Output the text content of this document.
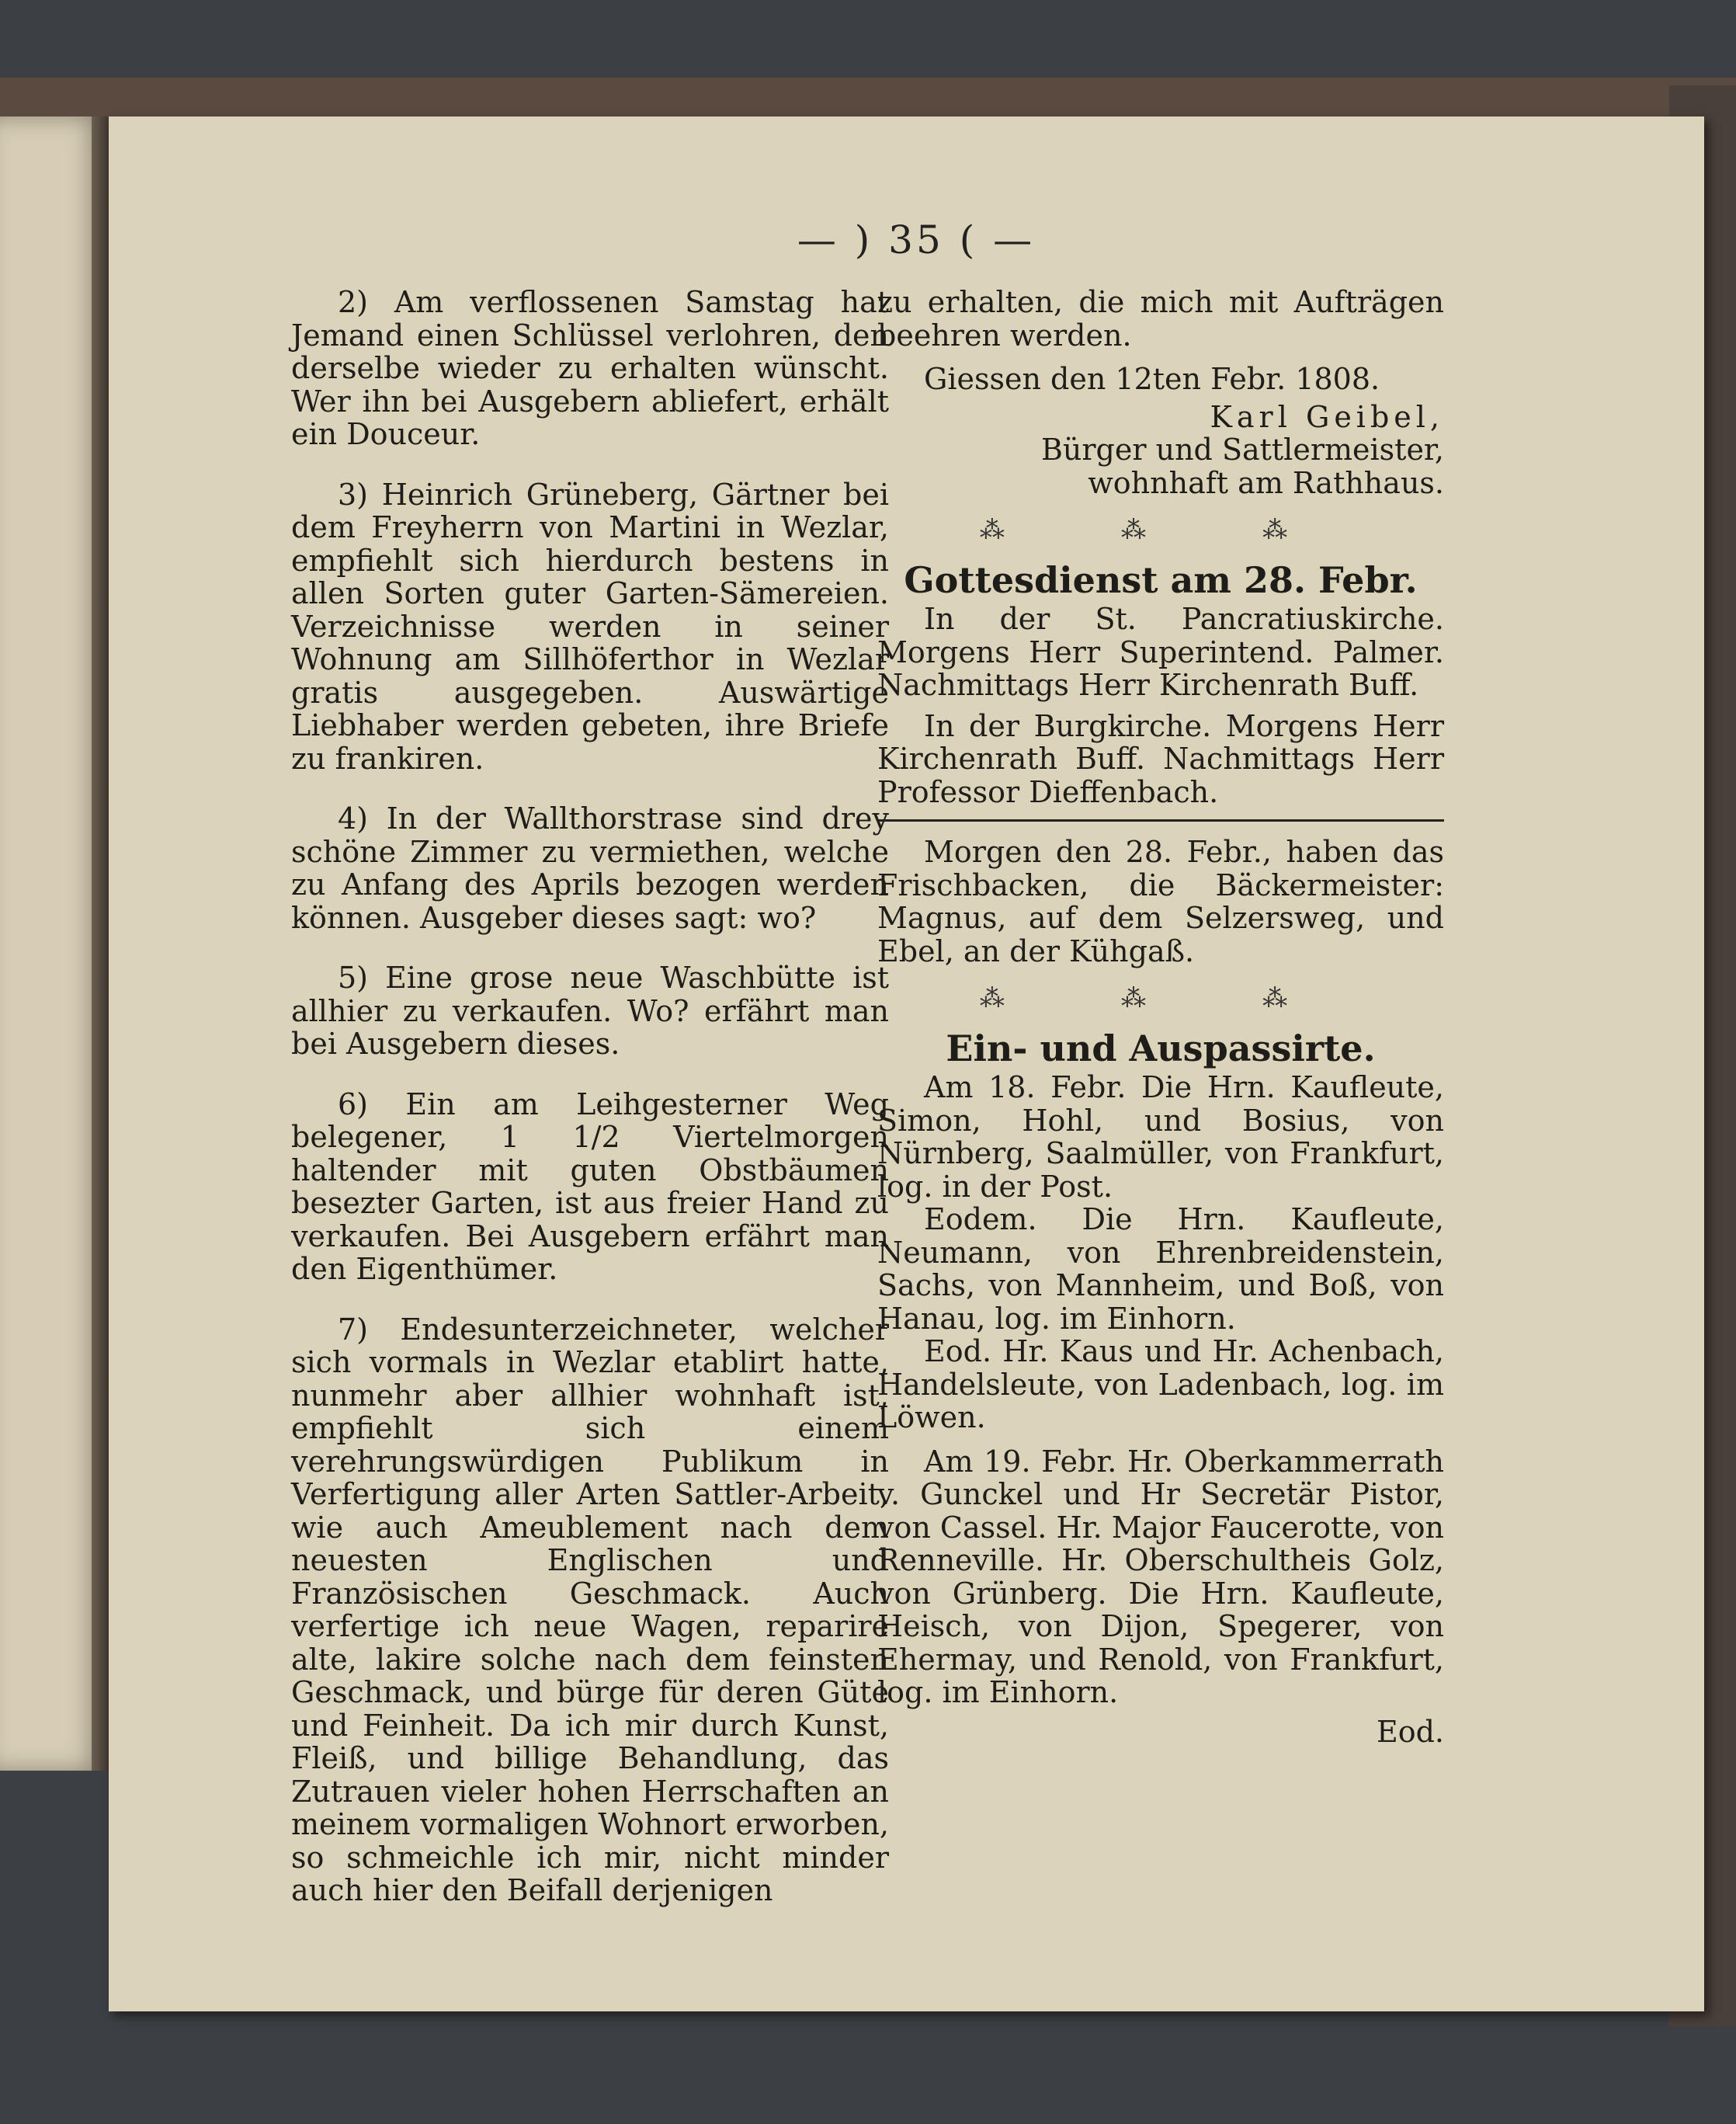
— ) 35 ( —

2) Am verflossenen Samstag hat Jemand einen Schlüssel verlohren, den derselbe wieder zu erhalten wünscht. Wer ihn bei Ausgebern abliefert, erhält ein Douceur.

3) Heinrich Grüneberg, Gärtner bei dem Freyherrn von Martini in Wezlar, empfiehlt sich hierdurch bestens in allen Sorten guter Garten-Sämereien. Verzeichnisse werden in seiner Wohnung am Sillhöferthor in Wezlar gratis ausgegeben. Auswärtige Liebhaber werden gebeten, ihre Briefe zu frankiren.

4) In der Wallthorstrase sind drey schöne Zimmer zu vermiethen, welche zu Anfang des Aprils bezogen werden können. Ausgeber dieses sagt: wo?

5) Eine grose neue Waschbütte ist allhier zu verkaufen. Wo? erfährt man bei Ausgebern dieses.

6) Ein am Leihgesterner Weg belegener, 1 1/2 Viertelmorgen haltender mit guten Obstbäumen besezter Garten, ist aus freier Hand zu verkaufen. Bei Ausgebern erfährt man den Eigenthümer.

7) Endesunterzeichneter, welcher sich vormals in Wezlar etablirt hatte, nunmehr aber allhier wohnhaft ist, empfiehlt sich einem verehrungswürdigen Publikum in Verfertigung aller Arten Sattler-Arbeit, wie auch Ameublement nach dem neuesten Englischen und Französischen Geschmack. Auch verfertige ich neue Wagen, reparire alte, lakire solche nach dem feinsten Geschmack, und bürge für deren Güte und Feinheit. Da ich mir durch Kunst, Fleiß, und billige Behandlung, das Zutrauen vieler hohen Herrschaften an meinem vormaligen Wohnort erworben, so schmeichle ich mir, nicht minder auch hier den Beifall derjenigen

zu erhalten, die mich mit Aufträgen beehren werden.

Giessen den 12ten Febr. 1808.

Karl Geibel,

Bürger und Sattlermeister,

wohnhaft am Rathhaus.

⁂ ⁂ ⁂
Gottesdienst am 28. Febr.

In der St. Pancratiuskirche. Morgens Herr Superintend. Palmer. Nachmittags Herr Kirchenrath Buff.

In der Burgkirche. Morgens Herr Kirchenrath Buff. Nachmittags Herr Professor Dieffenbach.

Morgen den 28. Febr., haben das Frischbacken, die Bäckermeister: Magnus, auf dem Selzersweg, und Ebel, an der Kühgaß.

⁂ ⁂ ⁂
Ein- und Auspassirte.

Am 18. Febr. Die Hrn. Kaufleute, Simon, Hohl, und Bosius, von Nürnberg, Saalmüller, von Frankfurt, log. in der Post.

Eodem. Die Hrn. Kaufleute, Neumann, von Ehrenbreidenstein, Sachs, von Mannheim, und Boß, von Hanau, log. im Einhorn.

Eod. Hr. Kaus und Hr. Achenbach, Handelsleute, von Ladenbach, log. im Löwen.

Am 19. Febr. Hr. Oberkammerrath v. Gunckel und Hr Secretär Pistor, von Cassel. Hr. Major Faucerotte, von Renneville. Hr. Oberschultheis Golz, von Grünberg. Die Hrn. Kaufleute, Heisch, von Dijon, Spegerer, von Ehermay, und Renold, von Frankfurt, log. im Einhorn.

Eod.
